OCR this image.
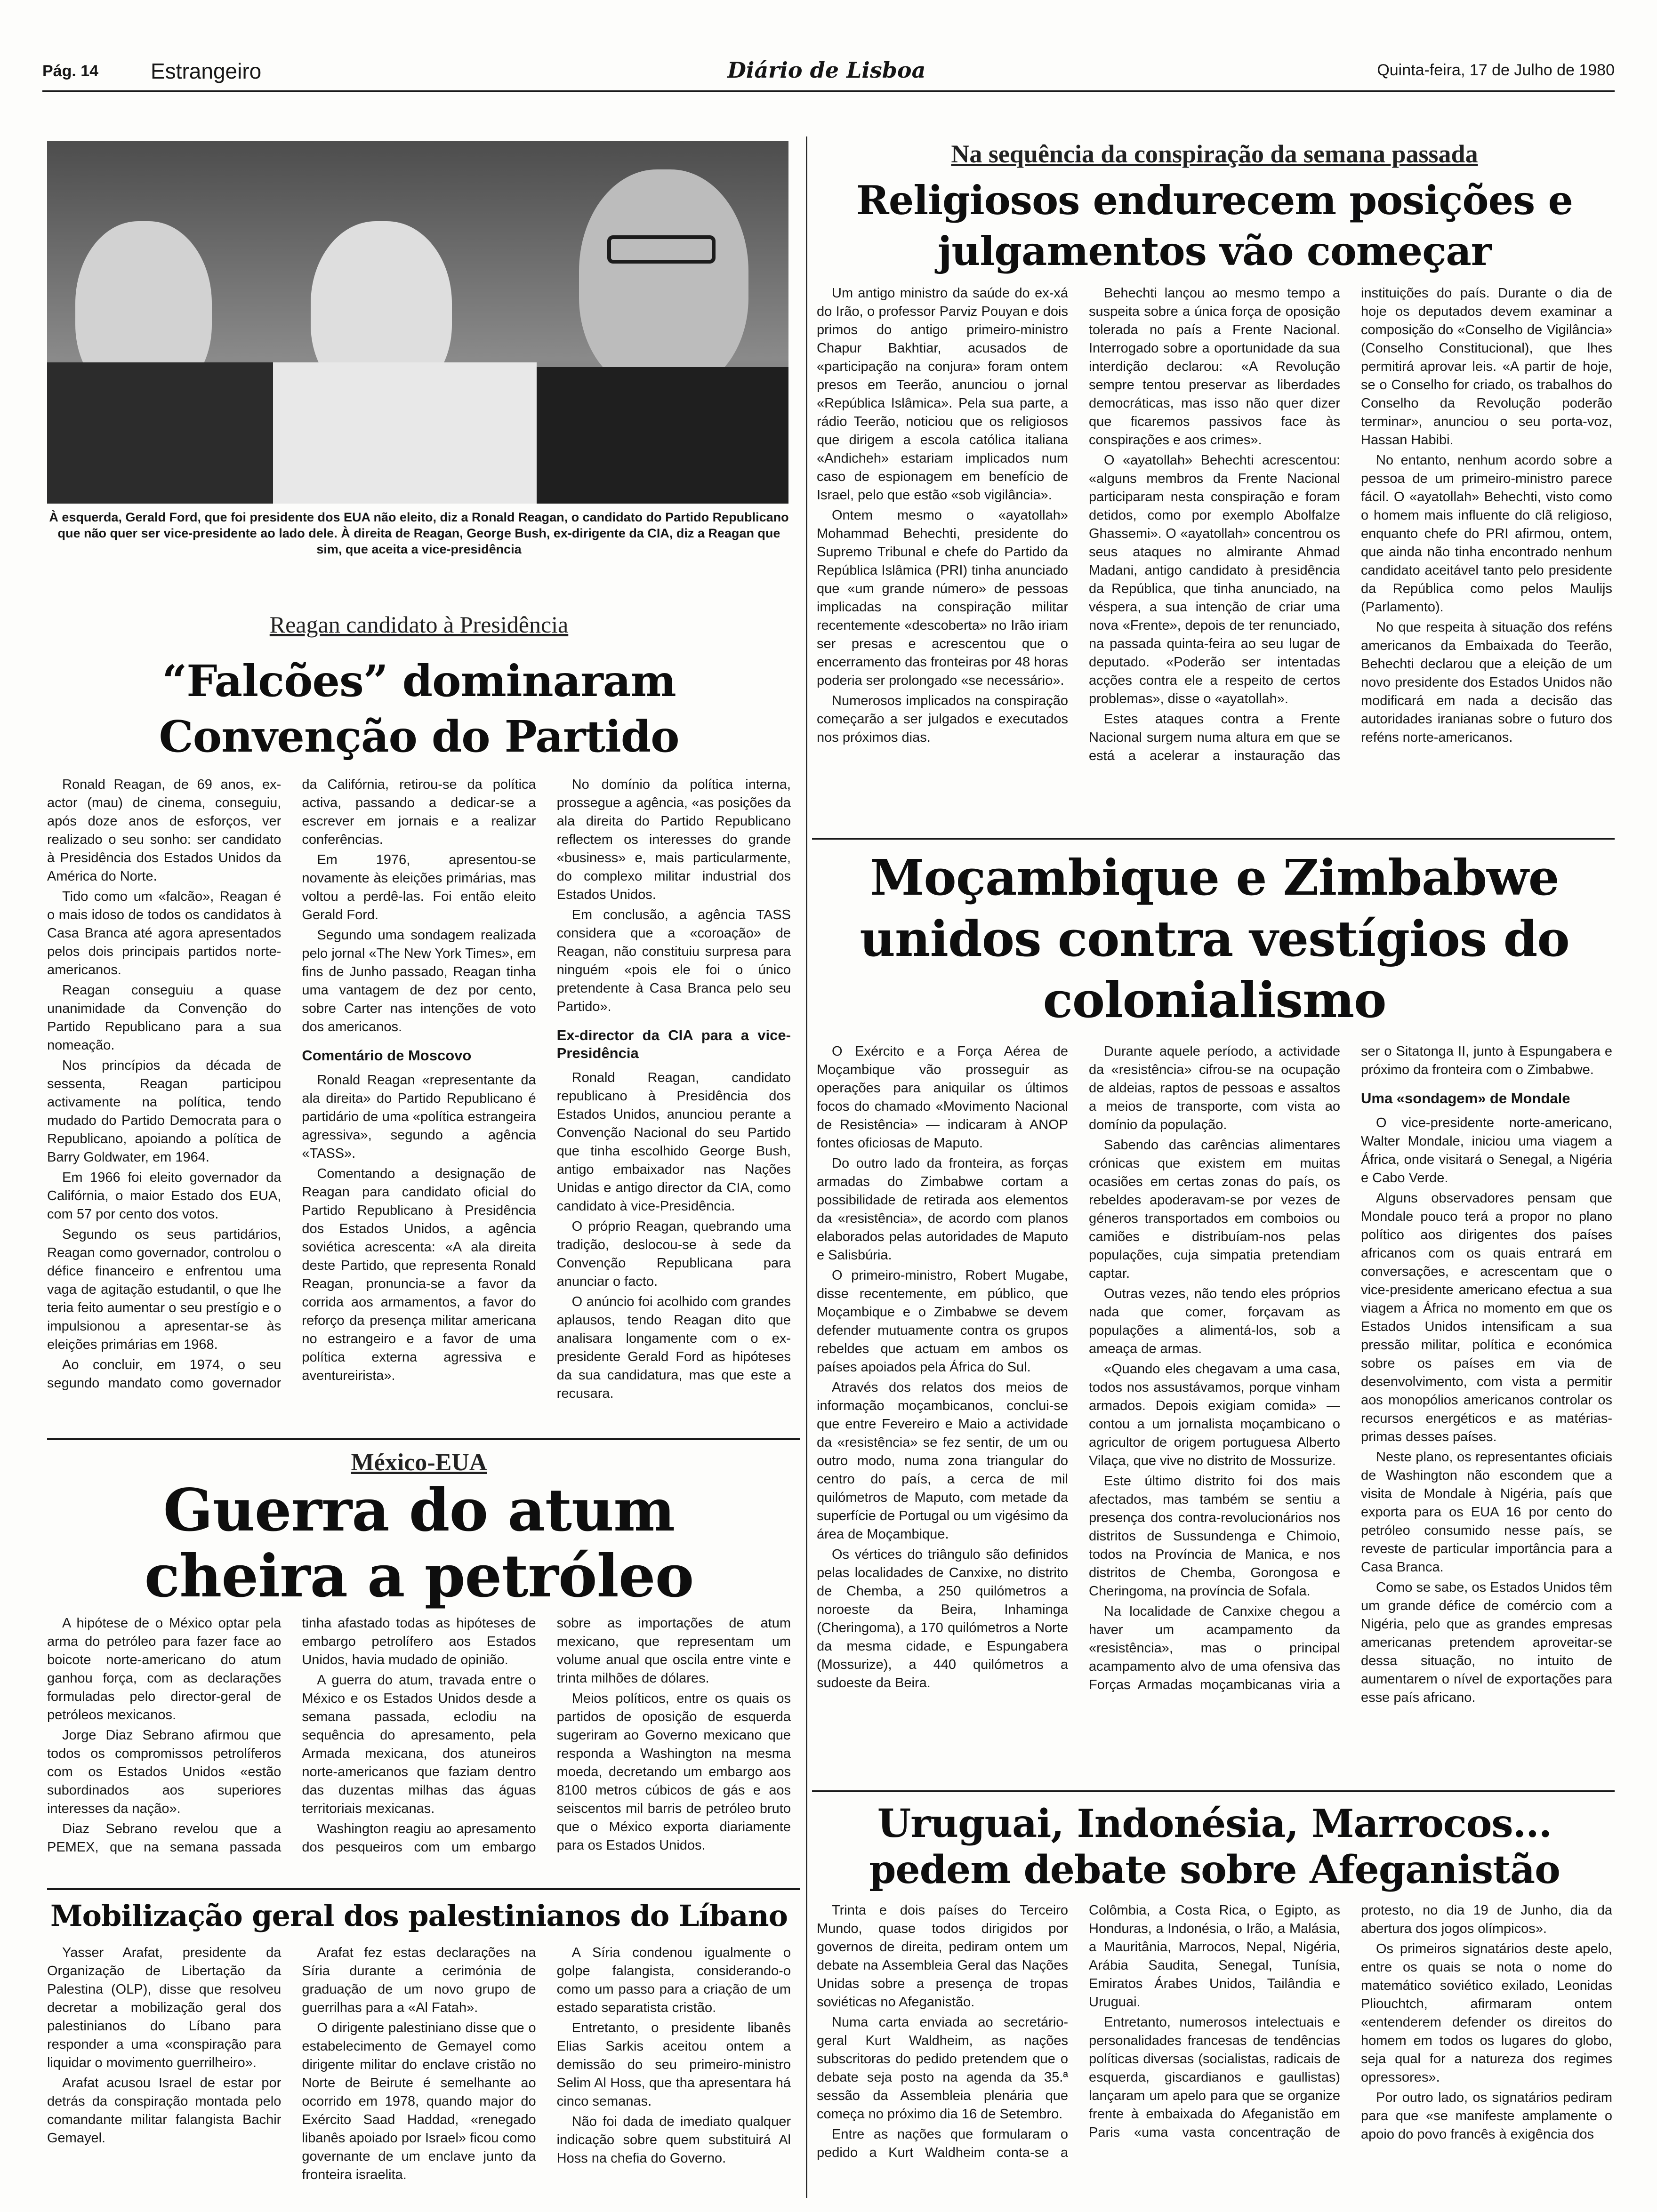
Pág. 14 Estrangeiro	Diário de Lisboa	Quinta-feira, 17 de Julho de 1980
À esquerda, Gerald Ford, que foi presidente dos EUA não eleito, diz a Ronald Reagan, o candidato do Partido Republicano que não quer ser vice-presidente ao lado dele. À direita de Reagan, George Bush, ex-dirigente da CIA, diz a Reagan que sim, que aceita a vice-presidência
Reagan candidato à Presidência
“Falcões” dominaram Convenção do Partido

Ronald Reagan, de 69 anos, ex-actor (mau) de cinema, conseguiu, após doze anos de esforços, ver realizado o seu sonho: ser candidato à Presidência dos Estados Unidos da América do Norte.

Tido como um «falcão», Reagan é o mais idoso de todos os candidatos à Casa Branca até agora apresentados pelos dois principais partidos norte-americanos.

Reagan conseguiu a quase unanimidade da Convenção do Partido Republicano para a sua nomeação.

Nos princípios da década de sessenta, Reagan participou activamente na política, tendo mudado do Partido Democrata para o Republicano, apoiando a política de Barry Goldwater, em 1964.

Em 1966 foi eleito governador da Califórnia, o maior Estado dos EUA, com 57 por cento dos votos.

Segundo os seus partidários, Reagan como governador, controlou o défice financeiro e enfrentou uma vaga de agitação estudantil, o que lhe teria feito aumentar o seu prestígio e o impulsionou a apresentar-se às eleições primárias em 1968.

Ao concluir, em 1974, o seu segundo mandato como governador da Califórnia, retirou-se da política activa, passando a dedicar-se a escrever em jornais e a realizar conferências.

Em 1976, apresentou-se novamente às eleições primárias, mas voltou a perdê-las. Foi então eleito Gerald Ford.

Segundo uma sondagem realizada pelo jornal «The New York Times», em fins de Junho passado, Reagan tinha uma vantagem de dez por cento, sobre Carter nas intenções de voto dos americanos.

Comentário de Moscovo

Ronald Reagan «representante da ala direita» do Partido Republicano é partidário de uma «política estrangeira agressiva», segundo a agência «TASS».

Comentando a designação de Reagan para candidato oficial do Partido Republicano à Presidência dos Estados Unidos, a agência soviética acrescenta: «A ala direita deste Partido, que representa Ronald Reagan, pronuncia-se a favor da corrida aos armamentos, a favor do reforço da presença militar americana no estrangeiro e a favor de uma política externa agressiva e aventureirista».

No domínio da política interna, prossegue a agência, «as posições da ala direita do Partido Republicano reflectem os interesses do grande «business» e, mais particularmente, do complexo militar industrial dos Estados Unidos.

Em conclusão, a agência TASS considera que a «coroação» de Reagan, não constituiu surpresa para ninguém «pois ele foi o único pretendente à Casa Branca pelo seu Partido».

Ex-director da CIA para a vice-Presidência

Ronald Reagan, candidato republicano à Presidência dos Estados Unidos, anunciou perante a Convenção Nacional do seu Partido que tinha escolhido George Bush, antigo embaixador nas Nações Unidas e antigo director da CIA, como candidato à vice-Presidência.

O próprio Reagan, quebrando uma tradição, deslocou-se à sede da Convenção Republicana para anunciar o facto.

O anúncio foi acolhido com grandes aplausos, tendo Reagan dito que analisara longamente com o ex-presidente Gerald Ford as hipóteses da sua candidatura, mas que este a recusara.

México-EUA
Guerra do atum cheira a petróleo

A hipótese de o México optar pela arma do petróleo para fazer face ao boicote norte-americano do atum ganhou força, com as declarações formuladas pelo director-geral de petróleos mexicanos.

Jorge Diaz Sebrano afirmou que todos os compromissos petrolíferos com os Estados Unidos «estão subordinados aos superiores interesses da nação».

Diaz Sebrano revelou que a PEMEX, que na semana passada tinha afastado todas as hipóteses de embargo petrolífero aos Estados Unidos, havia mudado de opinião.

A guerra do atum, travada entre o México e os Estados Unidos desde a semana passada, eclodiu na sequência do apresamento, pela Armada mexicana, dos atuneiros norte-americanos que faziam dentro das duzentas milhas das águas territoriais mexicanas.

Washington reagiu ao apresamento dos pesqueiros com um embargo sobre as importações de atum mexicano, que representam um volume anual que oscila entre vinte e trinta milhões de dólares.

Meios políticos, entre os quais os partidos de oposição de esquerda sugeriram ao Governo mexicano que responda a Washington na mesma moeda, decretando um embargo aos 8100 metros cúbicos de gás e aos seiscentos mil barris de petróleo bruto que o México exporta diariamente para os Estados Unidos.

Mobilização geral dos palestinianos do Líbano

Yasser Arafat, presidente da Organização de Libertação da Palestina (OLP), disse que resolveu decretar a mobilização geral dos palestinianos do Líbano para responder a uma «conspiração para liquidar o movimento guerrilheiro».

Arafat acusou Israel de estar por detrás da conspiração montada pelo comandante militar falangista Bachir Gemayel.

Arafat fez estas declarações na Síria durante a cerimónia de graduação de um novo grupo de guerrilhas para a «Al Fatah».

O dirigente palestiniano disse que o estabelecimento de Gemayel como dirigente militar do enclave cristão no Norte de Beirute é semelhante ao ocorrido em 1978, quando major do Exército Saad Haddad, «renegado libanês apoiado por Israel» ficou como governante de um enclave junto da fronteira israelita.

A Síria condenou igualmente o golpe falangista, considerando-o como um passo para a criação de um estado separatista cristão.

Entretanto, o presidente libanês Elias Sarkis aceitou ontem a demissão do seu primeiro-ministro Selim Al Hoss, que tha apresentara há cinco semanas.

Não foi dada de imediato qualquer indicação sobre quem substituirá Al Hoss na chefia do Governo.

Na sequência da conspiração da semana passada
Religiosos endurecem posições e julgamentos vão começar

Um antigo ministro da saúde do ex-xá do Irão, o professor Parviz Pouyan e dois primos do antigo primeiro-ministro Chapur Bakhtiar, acusados de «participação na conjura» foram ontem presos em Teerão, anunciou o jornal «República Islâmica». Pela sua parte, a rádio Teerão, noticiou que os religiosos que dirigem a escola católica italiana «Andicheh» estariam implicados num caso de espionagem em benefício de Israel, pelo que estão «sob vigilância».

Ontem mesmo o «ayatollah» Mohammad Behechti, presidente do Supremo Tribunal e chefe do Partido da República Islâmica (PRI) tinha anunciado que «um grande número» de pessoas implicadas na conspiração militar recentemente «descoberta» no Irão iriam ser presas e acrescentou que o encerramento das fronteiras por 48 horas poderia ser prolongado «se necessário».

Numerosos implicados na conspiração começarão a ser julgados e executados nos próximos dias.

Behechti lançou ao mesmo tempo a suspeita sobre a única força de oposição tolerada no país a Frente Nacional. Interrogado sobre a oportunidade da sua interdição declarou: «A Revolução sempre tentou preservar as liberdades democráticas, mas isso não quer dizer que ficaremos passivos face às conspirações e aos crimes».

O «ayatollah» Behechti acrescentou: «alguns membros da Frente Nacional participaram nesta conspiração e foram detidos, como por exemplo Abolfalze Ghassemi». O «ayatollah» concentrou os seus ataques no almirante Ahmad Madani, antigo candidato à presidência da República, que tinha anunciado, na véspera, a sua intenção de criar uma nova «Frente», depois de ter renunciado, na passada quinta-feira ao seu lugar de deputado. «Poderão ser intentadas acções contra ele a respeito de certos problemas», disse o «ayatollah».

Estes ataques contra a Frente Nacional surgem numa altura em que se está a acelerar a instauração das instituições do país. Durante o dia de hoje os deputados devem examinar a composição do «Conselho de Vigilância» (Conselho Constitucional), que lhes permitirá aprovar leis. «A partir de hoje, se o Conselho for criado, os trabalhos do Conselho da Revolução poderão terminar», anunciou o seu porta-voz, Hassan Habibi.

No entanto, nenhum acordo sobre a pessoa de um primeiro-ministro parece fácil. O «ayatollah» Behechti, visto como o homem mais influente do clã religioso, enquanto chefe do PRI afirmou, ontem, que ainda não tinha encontrado nenhum candidato aceitável tanto pelo presidente da República como pelos Maulijs (Parlamento).

No que respeita à situação dos reféns americanos da Embaixada do Teerão, Behechti declarou que a eleição de um novo presidente dos Estados Unidos não modificará em nada a decisão das autoridades iranianas sobre o futuro dos reféns norte-americanos.

Moçambique e Zimbabwe unidos contra vestígios do colonialismo

O Exército e a Força Aérea de Moçambique vão prosseguir as operações para aniquilar os últimos focos do chamado «Movimento Nacional de Resistência» — indicaram à ANOP fontes oficiosas de Maputo.

Do outro lado da fronteira, as forças armadas do Zimbabwe cortam a possibilidade de retirada aos elementos da «resistência», de acordo com planos elaborados pelas autoridades de Maputo e Salisbúria.

O primeiro-ministro, Robert Mugabe, disse recentemente, em público, que Moçambique e o Zimbabwe se devem defender mutuamente contra os grupos rebeldes que actuam em ambos os países apoiados pela África do Sul.

Através dos relatos dos meios de informação moçambicanos, conclui-se que entre Fevereiro e Maio a actividade da «resistência» se fez sentir, de um ou outro modo, numa zona triangular do centro do país, a cerca de mil quilómetros de Maputo, com metade da superfície de Portugal ou um vigésimo da área de Moçambique.

Os vértices do triângulo são definidos pelas localidades de Canxixe, no distrito de Chemba, a 250 quilómetros a noroeste da Beira, Inhaminga (Cheringoma), a 170 quilómetros a Norte da mesma cidade, e Espungabera (Mossurize), a 440 quilómetros a sudoeste da Beira.

Durante aquele período, a actividade da «resistência» cifrou-se na ocupação de aldeias, raptos de pessoas e assaltos a meios de transporte, com vista ao domínio da população.

Sabendo das carências alimentares crónicas que existem em muitas ocasiões em certas zonas do país, os rebeldes apoderavam-se por vezes de géneros transportados em comboios ou camiões e distribuíam-nos pelas populações, cuja simpatia pretendiam captar.

Outras vezes, não tendo eles próprios nada que comer, forçavam as populações a alimentá-los, sob a ameaça de armas.

«Quando eles chegavam a uma casa, todos nos assustávamos, porque vinham armados. Depois exigiam comida» — contou a um jornalista moçambicano o agricultor de origem portuguesa Alberto Vilaça, que vive no distrito de Mossurize.

Este último distrito foi dos mais afectados, mas também se sentiu a presença dos contra-revolucionários nos distritos de Sussundenga e Chimoio, todos na Província de Manica, e nos distritos de Chemba, Gorongosa e Cheringoma, na província de Sofala.

Na localidade de Canxixe chegou a haver um acampamento da «resistência», mas o principal acampamento alvo de uma ofensiva das Forças Armadas moçambicanas viria a ser o Sitatonga II, junto à Espungabera e próximo da fronteira com o Zimbabwe.

Uma «sondagem» de Mondale

O vice-presidente norte-americano, Walter Mondale, iniciou uma viagem a África, onde visitará o Senegal, a Nigéria e Cabo Verde.

Alguns observadores pensam que Mondale pouco terá a propor no plano político aos dirigentes dos países africanos com os quais entrará em conversações, e acrescentam que o vice-presidente americano efectua a sua viagem a África no momento em que os Estados Unidos intensificam a sua pressão militar, política e económica sobre os países em via de desenvolvimento, com vista a permitir aos monopólios americanos controlar os recursos energéticos e as matérias-primas desses países.

Neste plano, os representantes oficiais de Washington não escondem que a visita de Mondale à Nigéria, país que exporta para os EUA 16 por cento do petróleo consumido nesse país, se reveste de particular importância para a Casa Branca.

Como se sabe, os Estados Unidos têm um grande défice de comércio com a Nigéria, pelo que as grandes empresas americanas pretendem aproveitar-se dessa situação, no intuito de aumentarem o nível de exportações para esse país africano.

Uruguai, Indonésia, Marrocos... pedem debate sobre Afeganistão

Trinta e dois países do Terceiro Mundo, quase todos dirigidos por governos de direita, pediram ontem um debate na Assembleia Geral das Nações Unidas sobre a presença de tropas soviéticas no Afeganistão.

Numa carta enviada ao secretário-geral Kurt Waldheim, as nações subscritoras do pedido pretendem que o debate seja posto na agenda da 35.ª sessão da Assembleia plenária que começa no próximo dia 16 de Setembro.

Entre as nações que formularam o pedido a Kurt Waldheim conta-se a Colômbia, a Costa Rica, o Egipto, as Honduras, a Indonésia, o Irão, a Malásia, a Mauritânia, Marrocos, Nepal, Nigéria, Arábia Saudita, Senegal, Tunísia, Emiratos Árabes Unidos, Tailândia e Uruguai.

Entretanto, numerosos intelectuais e personalidades francesas de tendências políticas diversas (socialistas, radicais de esquerda, giscardianos e gaullistas) lançaram um apelo para que se organize frente à embaixada do Afeganistão em Paris «uma vasta concentração de protesto, no dia 19 de Junho, dia da abertura dos jogos olímpicos».

Os primeiros signatários deste apelo, entre os quais se nota o nome do matemático soviético exilado, Leonidas Pliouchtch, afirmaram ontem «entenderem defender os direitos do homem em todos os lugares do globo, seja qual for a natureza dos regimes opressores».

Por outro lado, os signatários pediram para que «se manifeste amplamente o apoio do povo francês à exigência dos
